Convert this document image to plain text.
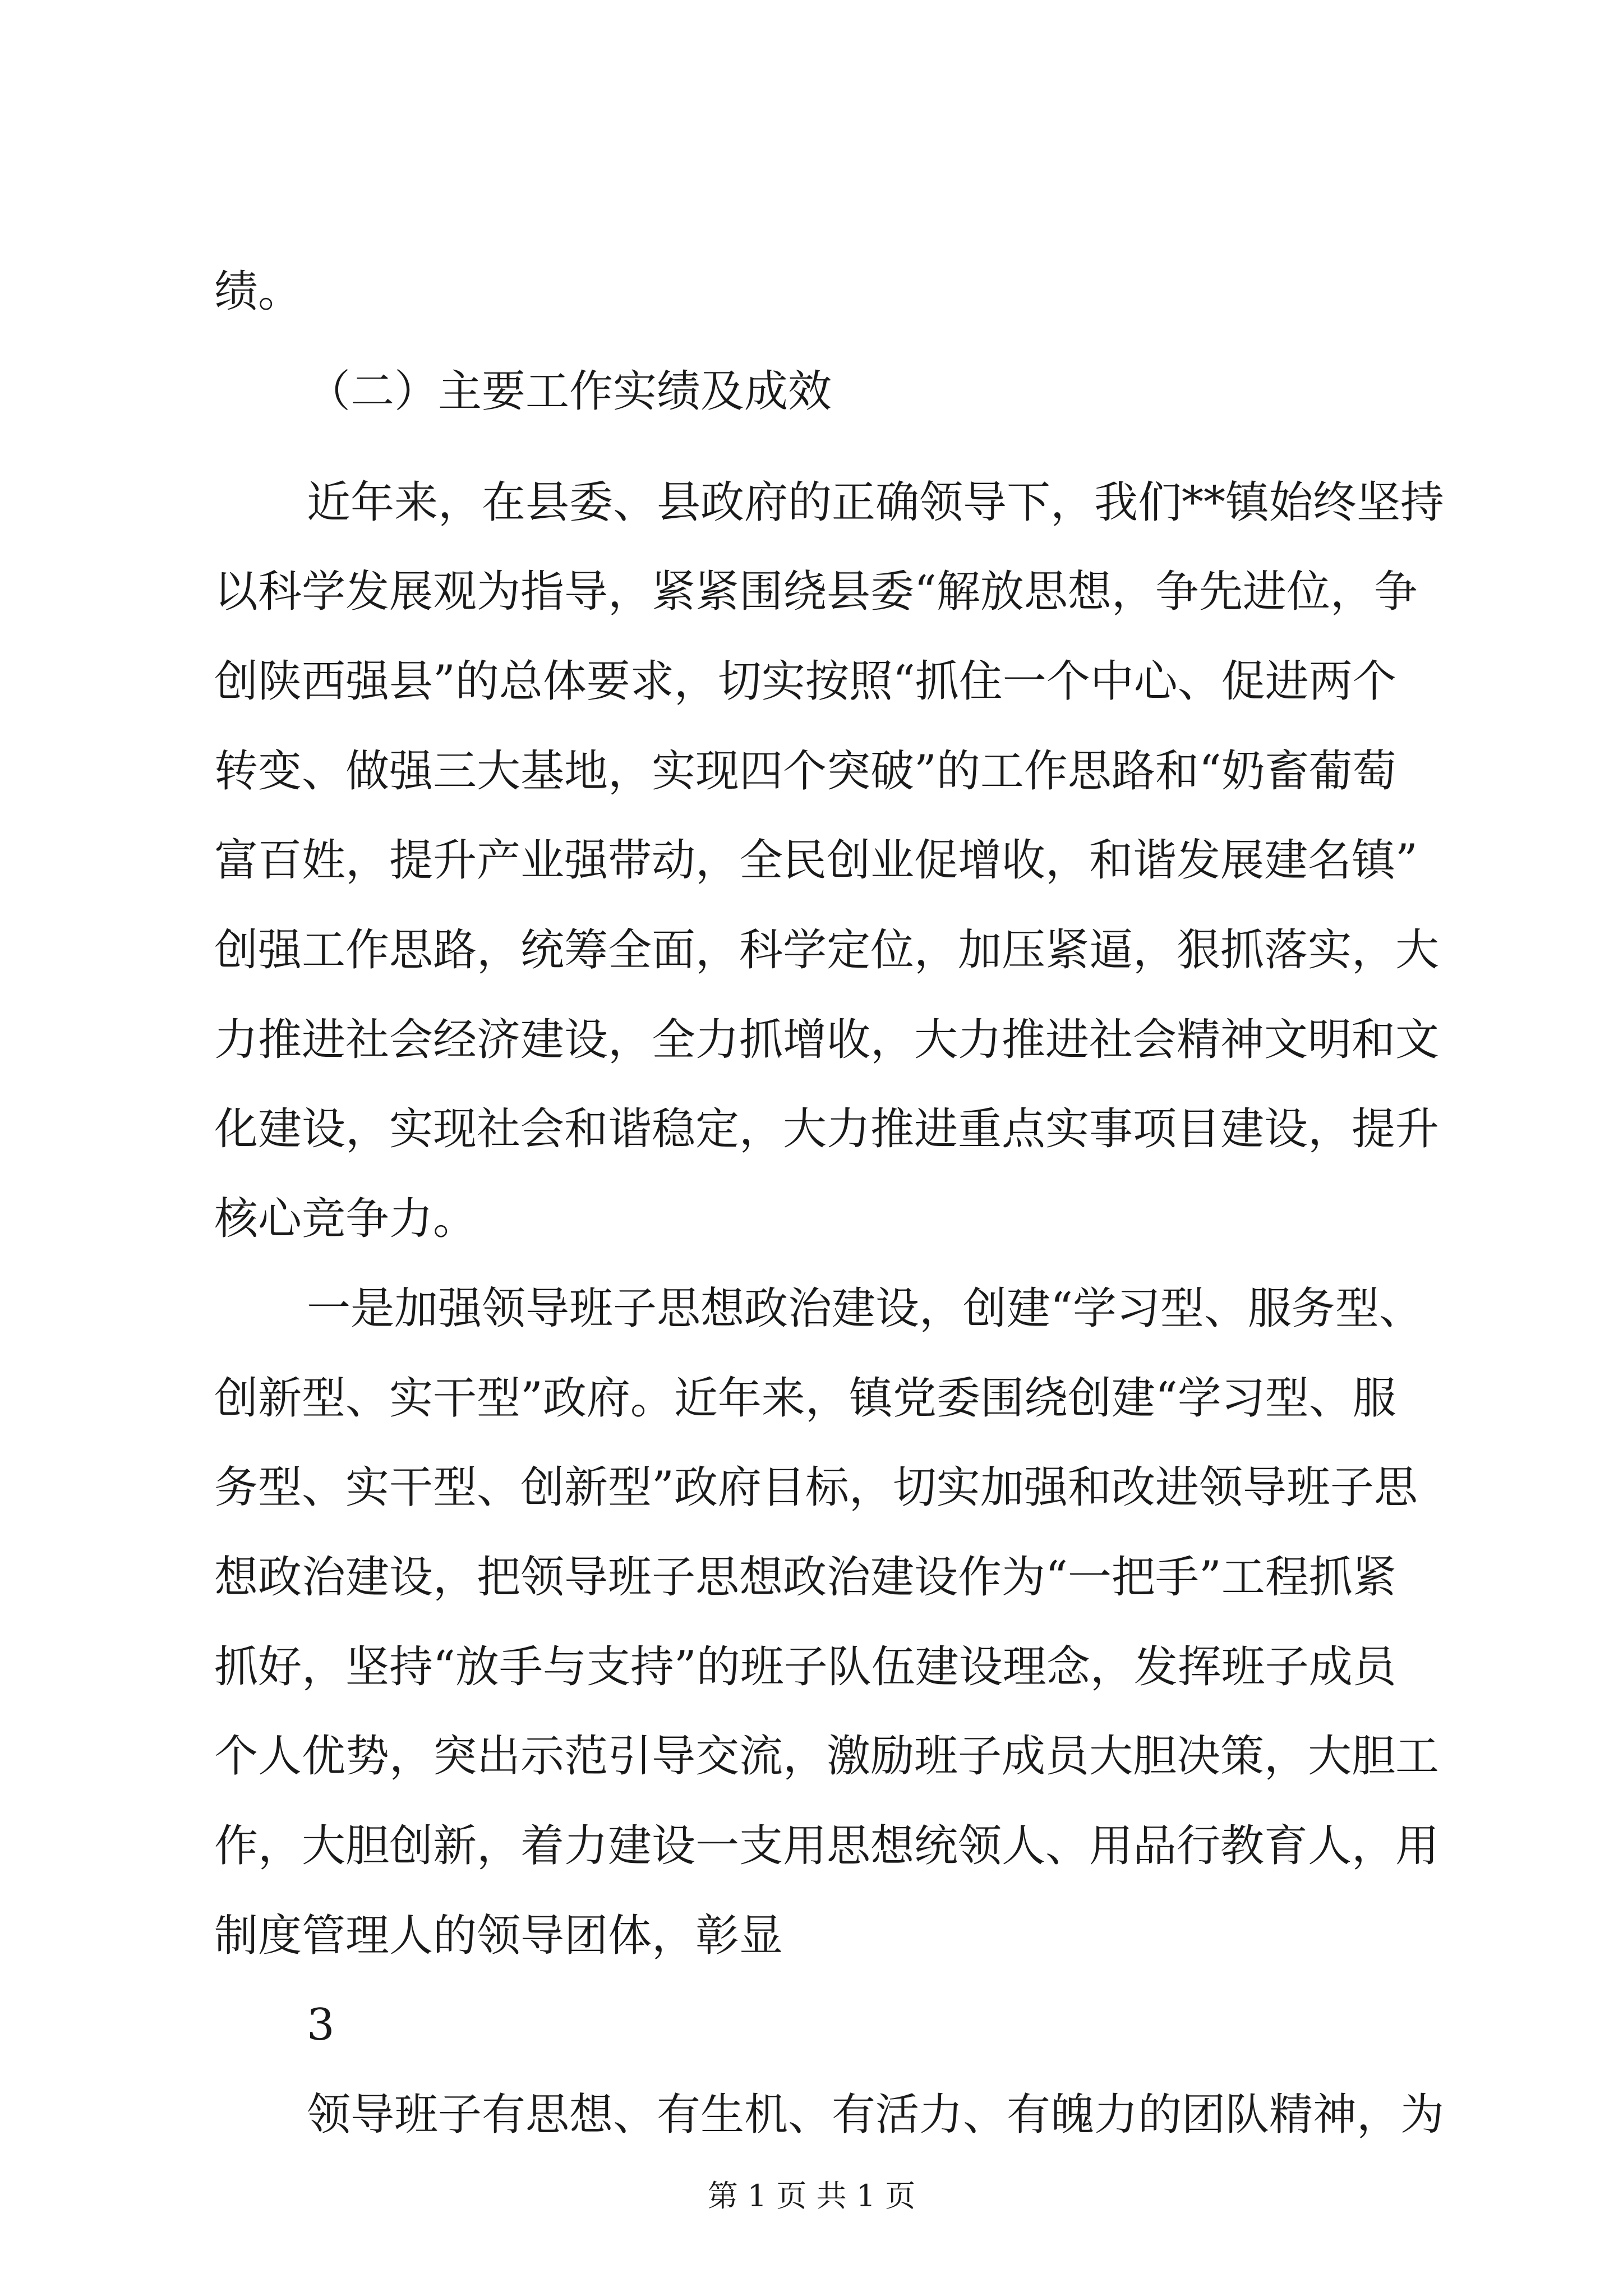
绩。
（二）主要工作实绩及成效
近年来，在县委、县政府的正确领导下，我们**镇始终坚持
以科学发展观为指导，紧紧围绕县委“解放思想，争先进位，争
创陕西强县”的总体要求，切实按照“抓住一个中心、促进两个
转变、做强三大基地，实现四个突破”的工作思路和“奶畜葡萄
富百姓，提升产业强带动，全民创业促增收，和谐发展建名镇”
创强工作思路，统筹全面，科学定位，加压紧逼，狠抓落实，大
力推进社会经济建设，全力抓增收，大力推进社会精神文明和文
化建设，实现社会和谐稳定，大力推进重点实事项目建设，提升
核心竞争力。
一是加强领导班子思想政治建设，创建“学习型、服务型、
创新型、实干型”政府。近年来，镇党委围绕创建“学习型、服
务型、实干型、创新型”政府目标，切实加强和改进领导班子思
想政治建设，把领导班子思想政治建设作为“一把手”工程抓紧
抓好，坚持“放手与支持”的班子队伍建设理念，发挥班子成员
个人优势，突出示范引导交流，激励班子成员大胆决策，大胆工
作，大胆创新，着力建设一支用思想统领人、用品行教育人，用
制度管理人的领导团体，彰显
3
领导班子有思想、有生机、有活力、有魄力的团队精神，为
第 1 页 共 1 页
